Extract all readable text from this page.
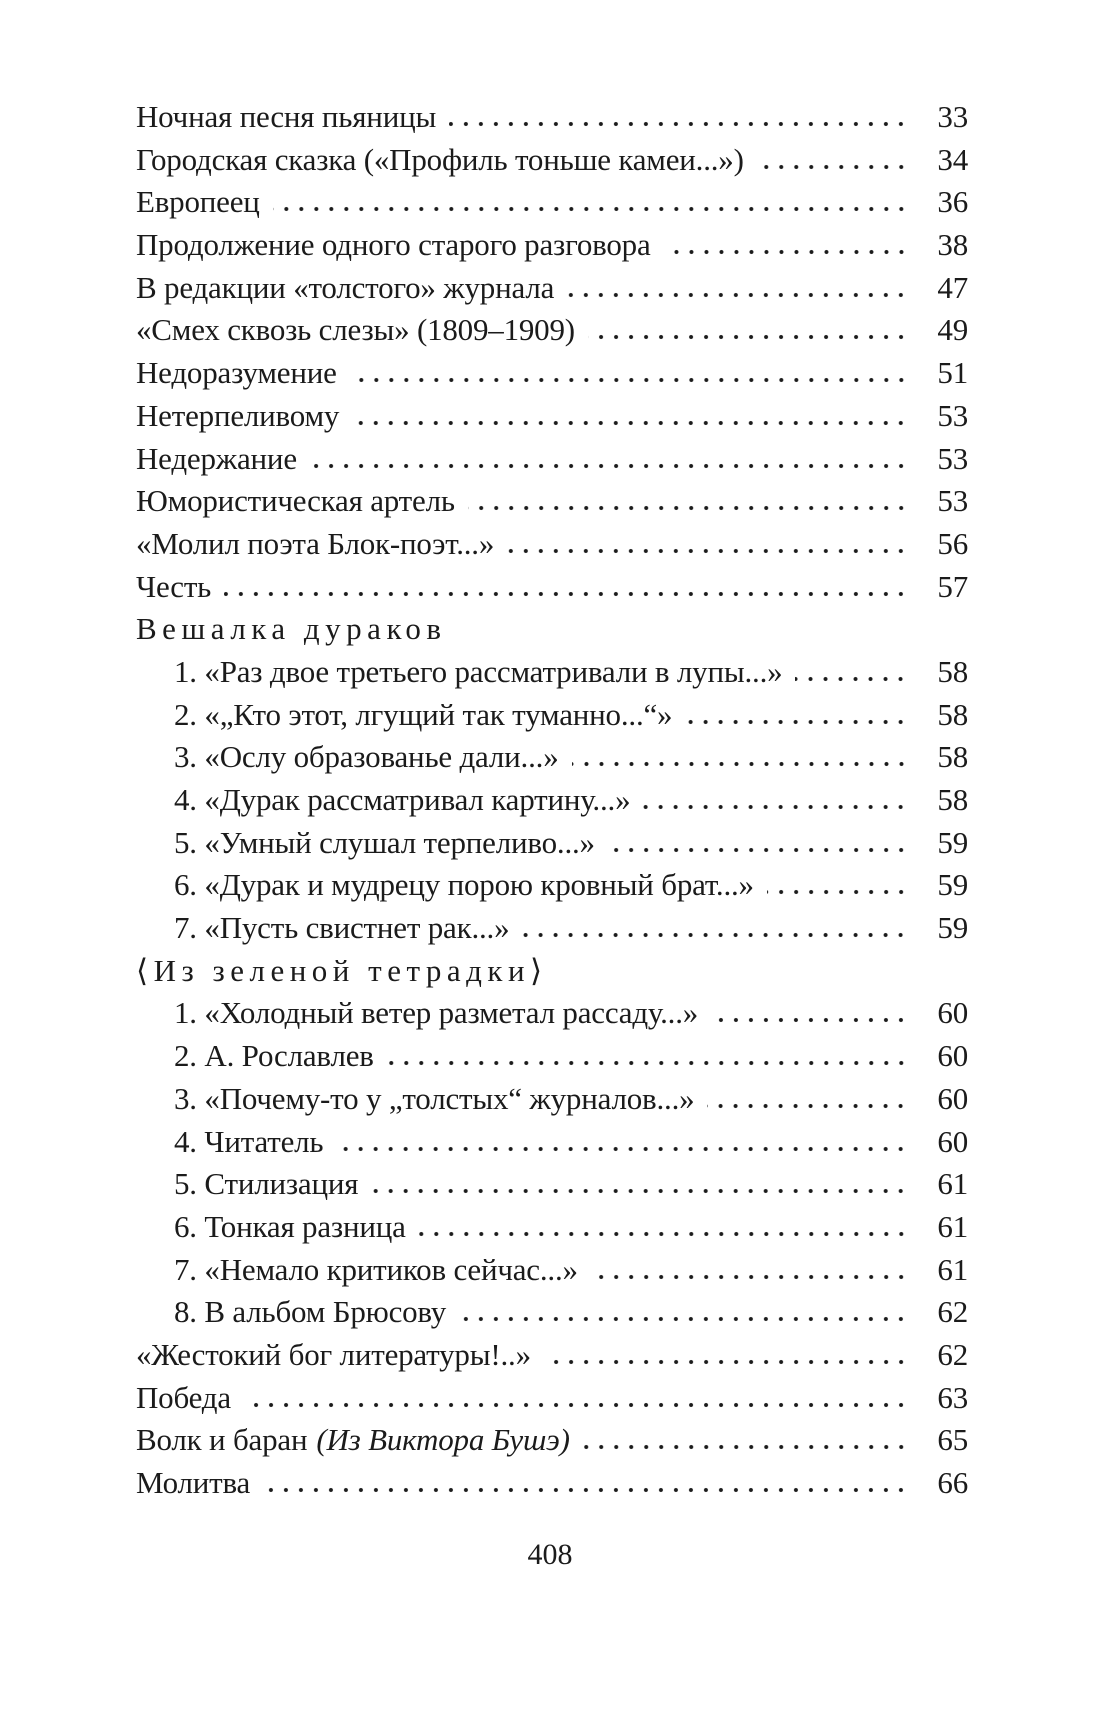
Ночная песня пьяницы	33
Городская сказка («Профиль тоньше камеи...»)	34
Европеец	36
Продолжение одного старого разговора	38
В редакции «толстого» журнала	47
«Смех сквозь слезы» (1809–1909)	49
Недоразумение	51
Нетерпеливому	53
Недержание	53
Юмористическая артель	53
«Молил поэта Блок-поэт...»	56
Честь	57
Вешалка дураков
1. «Раз двое третьего рассматривали в лупы...»	58
2. «„Кто этот, лгущий так туманно...“»	58
3. «Ослу образованье дали...»	58
4. «Дурак рассматривал картину...»	58
5. «Умный слушал терпеливо...»	59
6. «Дурак и мудрецу порою кровный брат...»	59
7. «Пусть свистнет рак...»	59
⟨Из зеленой тетрадки⟩
1. «Холодный ветер разметал рассаду...»	60
2. А. Рославлев	60
3. «Почему-то у „толстых“ журналов...»	60
4. Читатель	60
5. Стилизация	61
6. Тонкая разница	61
7. «Немало критиков сейчас...»	61
8. В альбом Брюсову	62
«Жестокий бог литературы!..»	62
Победа	63
Волк и баран (Из Виктора Бушэ)	65
Молитва	66
408
